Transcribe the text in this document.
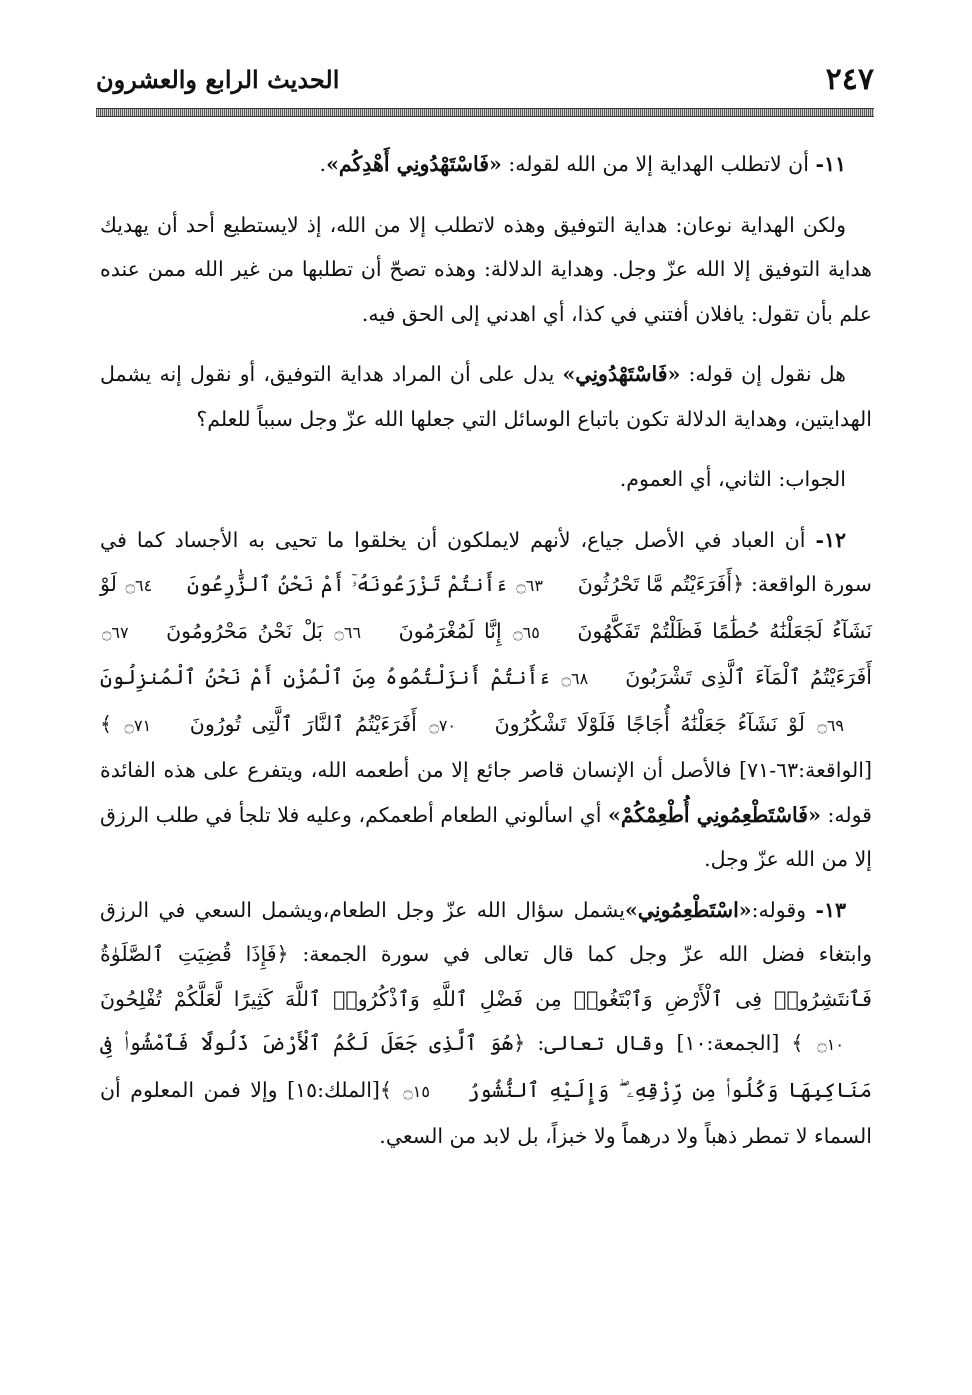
٢٤٧
الحديث الرابع والعشرون

١١- أن لاتطلب الهداية إلا من الله لقوله: «فَاسْتَهْدُونِي أَهْدِكُم».

ولكن الهداية نوعان: هداية التوفيق وهذه لاتطلب إلا من الله، إذ لايستطيع أحد أن يهديك هداية التوفيق إلا الله عزّ وجل. وهداية الدلالة: وهذه تصحّ أن تطلبها من غير الله ممن عنده علم بأن تقول: يافلان أفتني في كذا، أي اهدني إلى الحق فيه.

هل نقول إن قوله: «فَاسْتَهْدُونِي» يدل على أن المراد هداية التوفيق، أو نقول إنه يشمل الهدايتين، وهداية الدلالة تكون باتباع الوسائل التي جعلها الله عزّ وجل سبباً للعلم؟

الجواب: الثاني، أي العموم.

١٢- أن العباد في الأصل جياع، لأنهم لايملكون أن يخلقوا ما تحيى به الأجساد كما في سورة الواقعة: ﴿أَفَرَءَيْتُم مَّا تَحْرُثُونَ ۝٦٣ ءَأَنتُمْ تَزْرَعُونَهُۥٓ أَمْ نَحْنُ ٱلزَّٰرِعُونَ ۝٦٤ لَوْ نَشَآءُ لَجَعَلْنَٰهُ حُطَٰمًا فَظَلْتُمْ تَفَكَّهُونَ ۝٦٥ إِنَّا لَمُغْرَمُونَ ۝٦٦ بَلْ نَحْنُ مَحْرُومُونَ ۝٦٧ أَفَرَءَيْتُمُ ٱلْمَآءَ ٱلَّذِى تَشْرَبُونَ ۝٦٨ ءَأَنتُمْ أَنزَلْتُمُوهُ مِنَ ٱلْمُزْنِ أَمْ نَحْنُ ٱلْمُنزِلُونَ ۝٦٩ لَوْ نَشَآءُ جَعَلْنَٰهُ أُجَاجًا فَلَوْلَا تَشْكُرُونَ ۝٧٠ أَفَرَءَيْتُمُ ٱلنَّارَ ٱلَّتِى تُورُونَ ۝٧١ ﴾[الواقعة:٦٣-٧١] فالأصل أن الإنسان قاصر جائع إلا من أطعمه الله، ويتفرع على هذه الفائدة قوله: «فَاسْتَطْعِمُونِي أُطْعِمْكُمْ» أي اسألوني الطعام أطعمكم، وعليه فلا تلجأ في طلب الرزق إلا من الله عزّ وجل.

١٣- وقوله:«اسْتَطْعِمُونِي»يشمل سؤال الله عزّ وجل الطعام،ويشمل السعي في الرزق وابتغاء فضل الله عزّ وجل كما قال تعالى في سورة الجمعة: ﴿فَإِذَا قُضِيَتِ ٱلصَّلَوٰةُ فَٱنتَشِرُوا۟ فِى ٱلْأَرْضِ وَٱبْتَغُوا۟ مِن فَضْلِ ٱللَّهِ وَٱذْكُرُوا۟ ٱللَّهَ كَثِيرًا لَّعَلَّكُمْ تُفْلِحُونَ ۝١٠ ﴾ [الجمعة:١٠] وقال تعالى: ﴿هُوَ ٱلَّذِى جَعَلَ لَكُمُ ٱلْأَرْضَ ذَلُولًا فَٱمْشُوا۟ فِى مَنَاكِبِهَا وَكُلُوا۟ مِن رِّزْقِهِۦ ۖ وَإِلَيْهِ ٱلنُّشُورُ ۝١٥ ﴾[الملك:١٥] وإلا فمن المعلوم أن السماء لا تمطر ذهباً ولا درهماً ولا خبزاً، بل لابد من السعي.
